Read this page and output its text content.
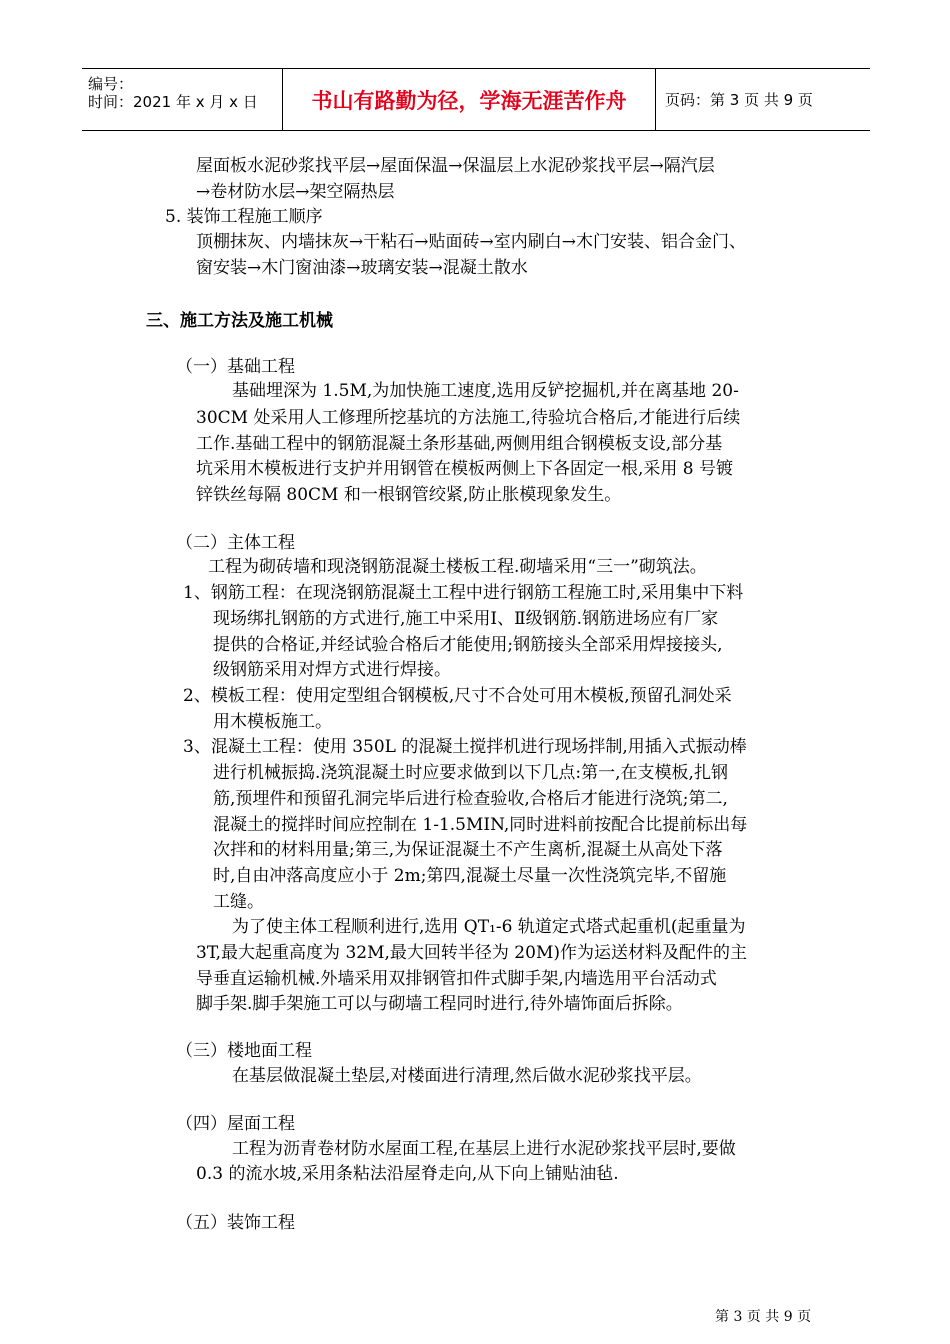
编号：
时间：2021 年 x 月 x 日	书山有路勤为径，学海无涯苦作舟	页码：第 3 页 共 9 页
屋面板水泥砂浆找平层→屋面保温→保温层上水泥砂浆找平层→隔汽层
→卷材防水层→架空隔热层
5. 装饰工程施工顺序
顶棚抹灰、内墙抹灰→干粘石→贴面砖→室内刷白→木门安装、铝合金门、
窗安装→木门窗油漆→玻璃安装→混凝土散水
三、施工方法及施工机械
（一）基础工程
基础埋深为 1.5M,为加快施工速度,选用反铲挖掘机,并在离基地 20-
30CM 处采用人工修理所挖基坑的方法施工,待验坑合格后,才能进行后续
工作.基础工程中的钢筋混凝土条形基础,两侧用组合钢模板支设,部分基
坑采用木模板进行支护并用钢管在模板两侧上下各固定一根,采用 8 号镀
锌铁丝每隔 80CM 和一根钢管绞紧,防止胀模现象发生。
（二）主体工程
工程为砌砖墙和现浇钢筋混凝土楼板工程.砌墙采用“三一”砌筑法。
1、钢筋工程：在现浇钢筋混凝土工程中进行钢筋工程施工时,采用集中下料
现场绑扎钢筋的方式进行,施工中采用Ⅰ、Ⅱ级钢筋.钢筋进场应有厂家
提供的合格证,并经试验合格后才能使用;钢筋接头全部采用焊接接头,
级钢筋采用对焊方式进行焊接。
2、模板工程：使用定型组合钢模板,尺寸不合处可用木模板,预留孔洞处采
用木模板施工。
3、混凝土工程：使用 350L 的混凝土搅拌机进行现场拌制,用插入式振动棒
进行机械振捣.浇筑混凝土时应要求做到以下几点:第一,在支模板,扎钢
筋,预埋件和预留孔洞完毕后进行检查验收,合格后才能进行浇筑;第二,
混凝土的搅拌时间应控制在 1-1.5MIN,同时进料前按配合比提前标出每
次拌和的材料用量;第三,为保证混凝土不产生离析,混凝土从高处下落
时,自由冲落高度应小于 2m;第四,混凝土尽量一次性浇筑完毕,不留施
工缝。
为了使主体工程顺利进行,选用 QT₁-6 轨道定式塔式起重机(起重量为
3T,最大起重高度为 32M,最大回转半径为 20M)作为运送材料及配件的主
导垂直运输机械.外墙采用双排钢管扣件式脚手架,内墙选用平台活动式
脚手架.脚手架施工可以与砌墙工程同时进行,待外墙饰面后拆除。
（三）楼地面工程
在基层做混凝土垫层,对楼面进行清理,然后做水泥砂浆找平层。
（四）屋面工程
工程为沥青卷材防水屋面工程,在基层上进行水泥砂浆找平层时,要做
0.3 的流水坡,采用条粘法沿屋脊走向,从下向上铺贴油毡.
（五）装饰工程
第 3 页 共 9 页
